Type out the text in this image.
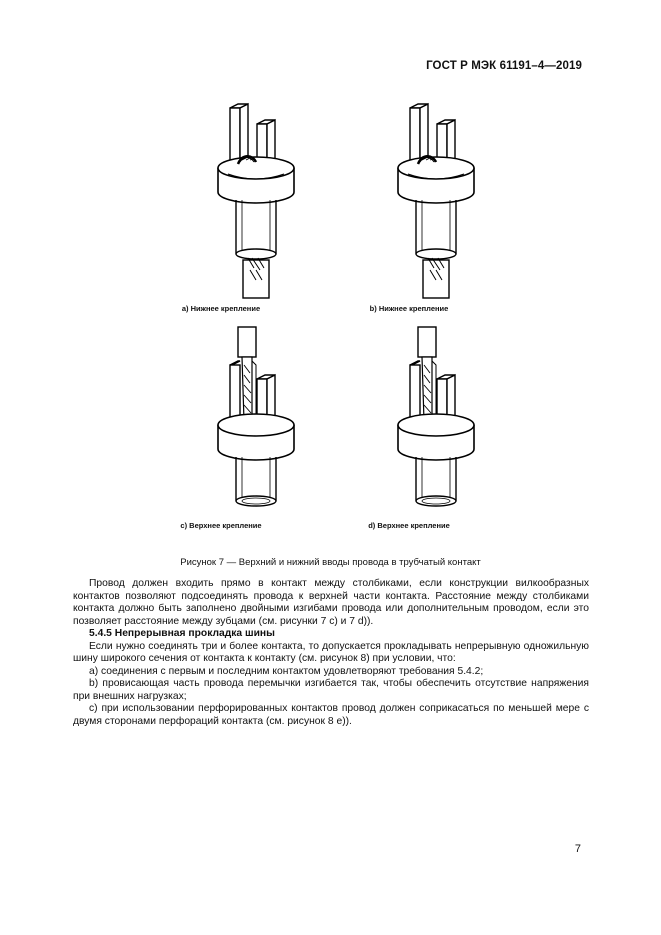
ГОСТ Р МЭК 61191–4—2019
a) Нижнее крепление	b) Нижнее крепление
c) Верхнее крепление	d) Верхнее крепление
Рисунок 7 — Верхний и нижний вводы провода в трубчатый контакт

Провод должен входить прямо в контакт между столбиками, если конструкции вилкообразных контактов позволяют подсоединять провода к верхней части контакта. Расстояние между столбиками контакта должно быть заполнено двойными изгибами провода или дополнительным проводом, если это позволяет расстояние между зубцами (см. рисунки 7 c) и 7 d)).

5.4.5 Непрерывная прокладка шины

Если нужно соединять три и более контакта, то допускается прокладывать непрерывную одножильную шину широкого сечения от контакта к контакту (см. рисунок 8) при условии, что:

а) соединения с первым и последним контактом удовлетворяют требования 5.4.2;

b) провисающая часть провода перемычки изгибается так, чтобы обеспечить отсутствие напряжения при внешних нагрузках;

c) при использовании перфорированных контактов провод должен соприкасаться по меньшей мере с двумя сторонами перфораций контакта (см. рисунок 8 е)).

7
